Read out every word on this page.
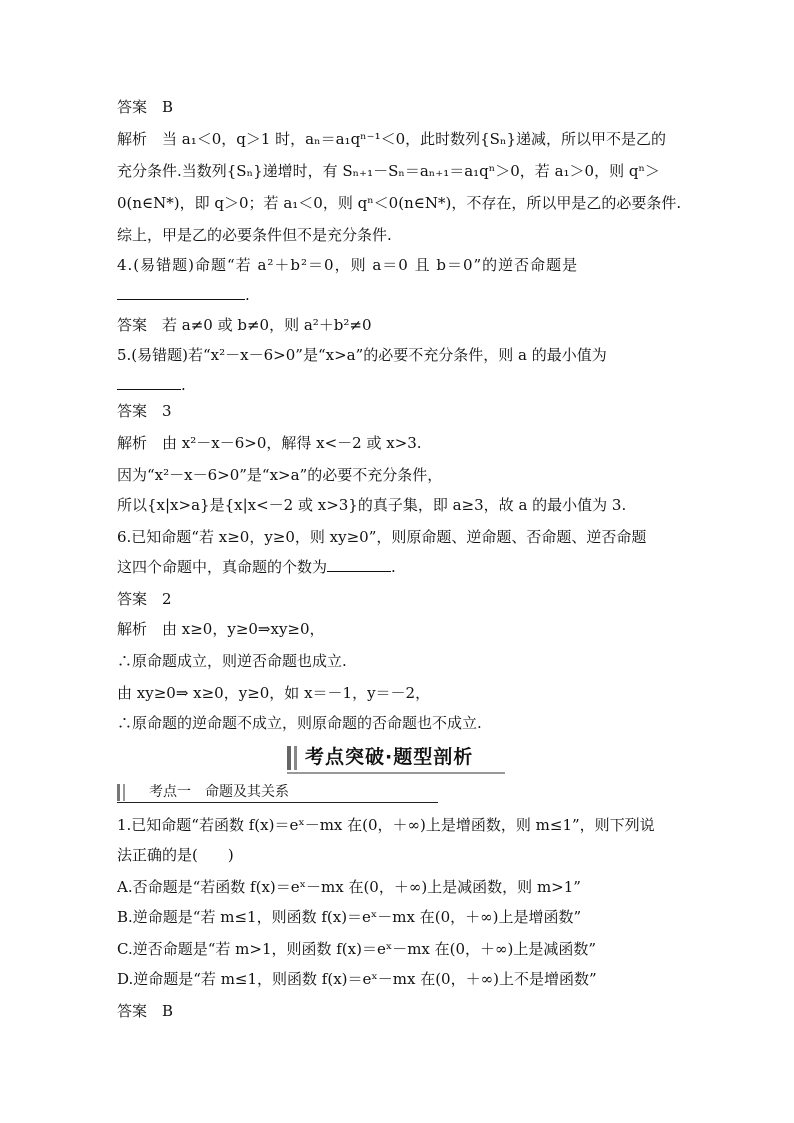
答案　B
解析　当 a₁＜0，q＞1 时，aₙ＝a₁qⁿ⁻¹＜0，此时数列{Sₙ}递减，所以甲不是乙的
充分条件.当数列{Sₙ}递增时，有 Sₙ₊₁－Sₙ＝aₙ₊₁＝a₁qⁿ＞0，若 a₁＞0，则 qⁿ＞
0(n∈N*)，即 q＞0；若 a₁＜0，则 qⁿ＜0(n∈N*)，不存在，所以甲是乙的必要条件.
综上，甲是乙的必要条件但不是充分条件.
4.(易错题)命题“若 a²＋b²＝0，则 a＝0 且 b＝0”的逆否命题是
.
答案　若 a≠0 或 b≠0，则 a²＋b²≠0
5.(易错题)若“x²－x－6>0”是“x>a”的必要不充分条件，则 a 的最小值为
.
答案　3
解析　由 x²－x－6>0，解得 x<－2 或 x>3.
因为“x²－x－6>0”是“x>a”的必要不充分条件，
所以{x|x>a}是{x|x<－2 或 x>3}的真子集，即 a≥3，故 a 的最小值为 3.
6.已知命题“若 x≥0，y≥0，则 xy≥0”，则原命题、逆命题、否命题、逆否命题
这四个命题中，真命题的个数为	.
答案　2
解析　由 x≥0，y≥0⇒xy≥0，
∴原命题成立，则逆否命题也成立.
由 xy≥0⇒ x≥0，y≥0，如 x＝－1，y＝－2，
∴原命题的逆命题不成立，则原命题的否命题也不成立.
考点突破·题型剖析
考点一　命题及其关系
1.已知命题“若函数 f(x)＝eˣ－mx 在(0，＋∞)上是增函数，则 m≤1”，则下列说
法正确的是(　　)
A.否命题是“若函数 f(x)＝eˣ－mx 在(0，＋∞)上是减函数，则 m>1”
B.逆命题是“若 m≤1，则函数 f(x)＝eˣ－mx 在(0，＋∞)上是增函数”
C.逆否命题是“若 m>1，则函数 f(x)＝eˣ－mx 在(0，＋∞)上是减函数”
D.逆命题是“若 m≤1，则函数 f(x)＝eˣ－mx 在(0，＋∞)上不是增函数”
答案　B
